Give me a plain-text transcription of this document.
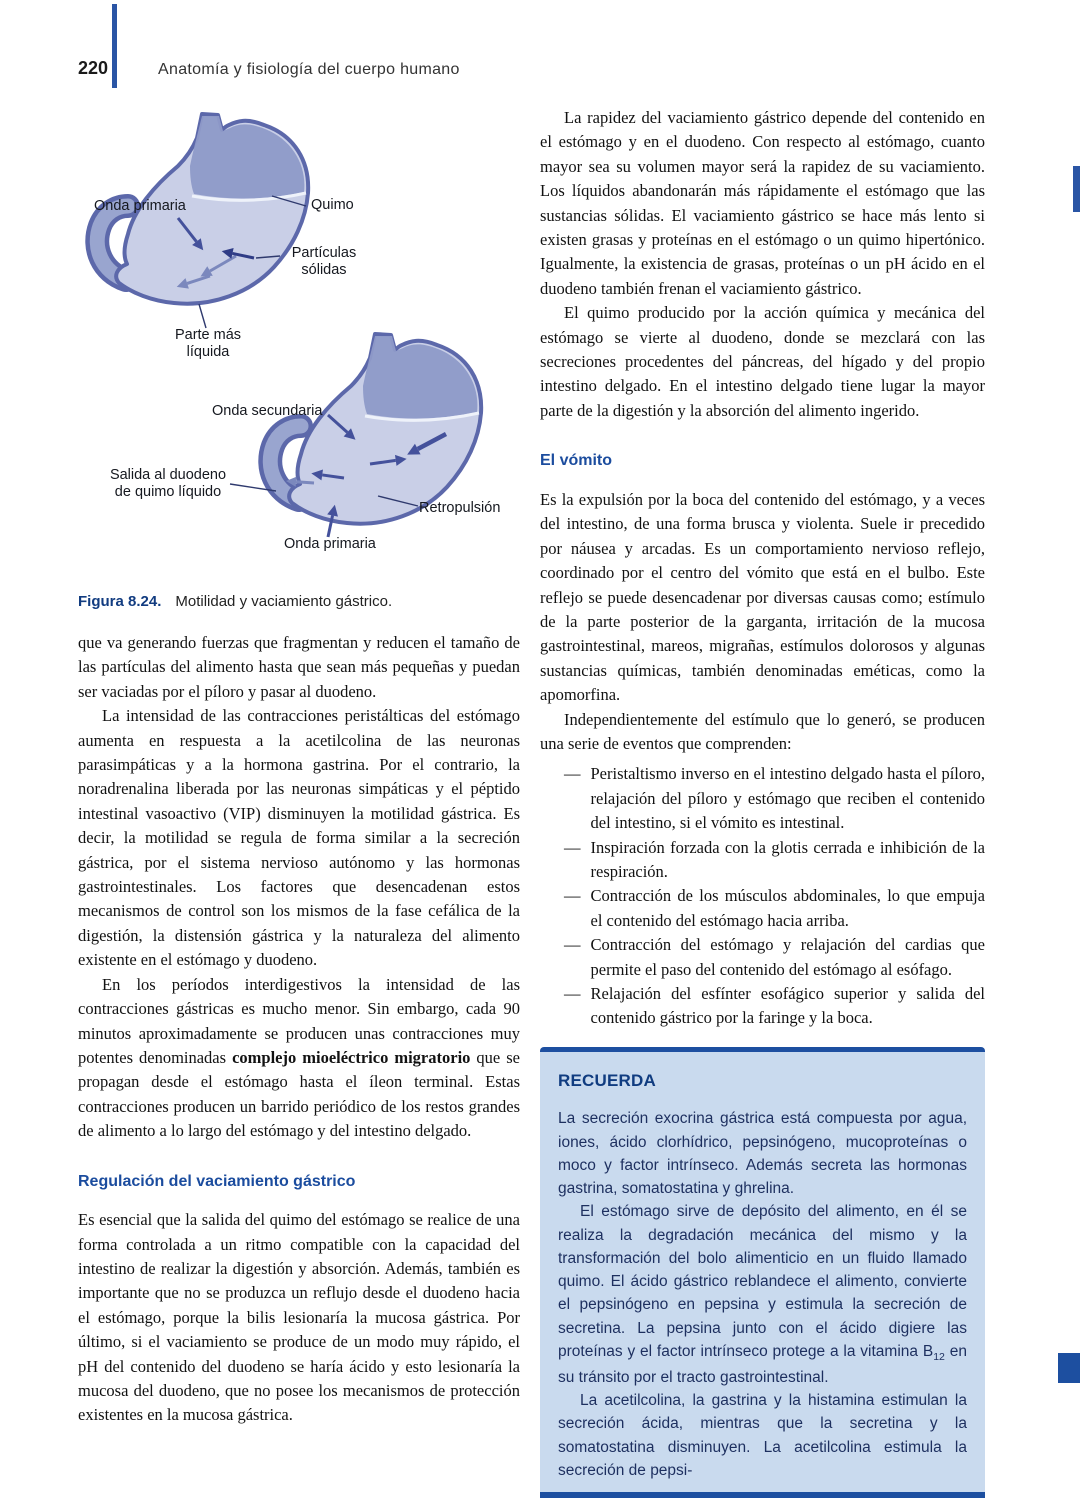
220	Anatomía y fisiología del cuerpo humano
Onda primaria	Quimo
Partículas
sólidas
Parte más
líquida
Onda secundaria
Salida al duodeno
de quimo líquido
Retropulsión
Onda primaria

Figura 8.24. Motilidad y vaciamiento gástrico.

que va generando fuerzas que fragmentan y reducen el tamaño de las partículas del alimento hasta que sean más pequeñas y puedan ser vaciadas por el píloro y pasar al duodeno.

La intensidad de las contracciones peristálticas del estómago aumenta en respuesta a la acetilcolina de las neuronas parasimpáticas y a la hormona gastrina. Por el contrario, la noradrenalina liberada por las neuronas simpáticas y el péptido intestinal vasoactivo (VIP) disminuyen la motilidad gástrica. Es decir, la motilidad se regula de forma similar a la secreción gástrica, por el sistema nervioso autónomo y las hormonas gastrointestinales. Los factores que desencadenan estos mecanismos de control son los mismos de la fase cefálica de la digestión, la distensión gástrica y la naturaleza del alimento existente en el estómago y duodeno.

En los períodos interdigestivos la intensidad de las contracciones gástricas es mucho menor. Sin embargo, cada 90 minutos aproximadamente se producen unas contracciones muy potentes denominadas complejo mioeléctrico migratorio que se propagan desde el estómago hasta el íleon terminal. Estas contracciones producen un barrido periódico de los restos grandes de alimento a lo largo del estómago y del intestino delgado.

Regulación del vaciamiento gástrico

Es esencial que la salida del quimo del estómago se realice de una forma controlada a un ritmo compatible con la capacidad del intestino de realizar la digestión y absorción. Además, también es importante que no se produzca un reflujo desde el duodeno hacia el estómago, porque la bilis lesionaría la mucosa gástrica. Por último, si el vaciamiento se produce de un modo muy rápido, el pH del contenido del duodeno se haría ácido y esto lesionaría la mucosa del duodeno, que no posee los mecanismos de protección existentes en la mucosa gástrica.

La rapidez del vaciamiento gástrico depende del contenido en el estómago y en el duodeno. Con respecto al estómago, cuanto mayor sea su volumen mayor será la rapidez de su vaciamiento. Los líquidos abandonarán más rápidamente el estómago que las sustancias sólidas. El vaciamiento gástrico se hace más lento si existen grasas y proteínas en el estómago o un quimo hipertónico. Igualmente, la existencia de grasas, proteínas o un pH ácido en el duodeno también frenan el vaciamiento gástrico.

El quimo producido por la acción química y mecánica del estómago se vierte al duodeno, donde se mezclará con las secreciones procedentes del páncreas, del hígado y del propio intestino delgado. En el intestino delgado tiene lugar la mayor parte de la digestión y la absorción del alimento ingerido.

El vómito

Es la expulsión por la boca del contenido del estómago, y a veces del intestino, de una forma brusca y violenta. Suele ir precedido por náusea y arcadas. Es un comportamiento nervioso reflejo, coordinado por el centro del vómito que está en el bulbo. Este reflejo se puede desencadenar por diversas causas como; estímulo de la parte posterior de la garganta, irritación de la mucosa gastrointestinal, mareos, migrañas, estímulos dolorosos y algunas sustancias químicas, también denominadas eméticas, como la apomorfina.

Independientemente del estímulo que lo generó, se producen una serie de eventos que comprenden:

— Peristaltismo inverso en el intestino delgado hasta el píloro, relajación del píloro y estómago que reciben el contenido del intestino, si el vómito es intestinal.
— Inspiración forzada con la glotis cerrada e inhibición de la respiración.
— Contracción de los músculos abdominales, lo que empuja el contenido del estómago hacia arriba.
— Contracción del estómago y relajación del cardias que permite el paso del contenido del estómago al esófago.
— Relajación del esfínter esofágico superior y salida del contenido gástrico por la faringe y la boca.
RECUERDA

La secreción exocrina gástrica está compuesta por agua, iones, ácido clorhídrico, pepsinógeno, mucoproteínas o moco y factor intrínseco. Además secreta las hormonas gastrina, somatostatina y ghrelina.

El estómago sirve de depósito del alimento, en él se realiza la degradación mecánica del mismo y la transformación del bolo alimenticio en un fluido llamado quimo. El ácido gástrico reblandece el alimento, convierte el pepsinógeno en pepsina y estimula la secreción de secretina. La pepsina junto con el ácido digiere las proteínas y el factor intrínseco protege a la vitamina $B_{12}$ en su tránsito por el tracto gastrointestinal.

La acetilcolina, la gastrina y la histamina estimulan la secreción ácida, mientras que la secretina y la somatostatina disminuyen. La acetilcolina estimula la secreción de pepsi-
